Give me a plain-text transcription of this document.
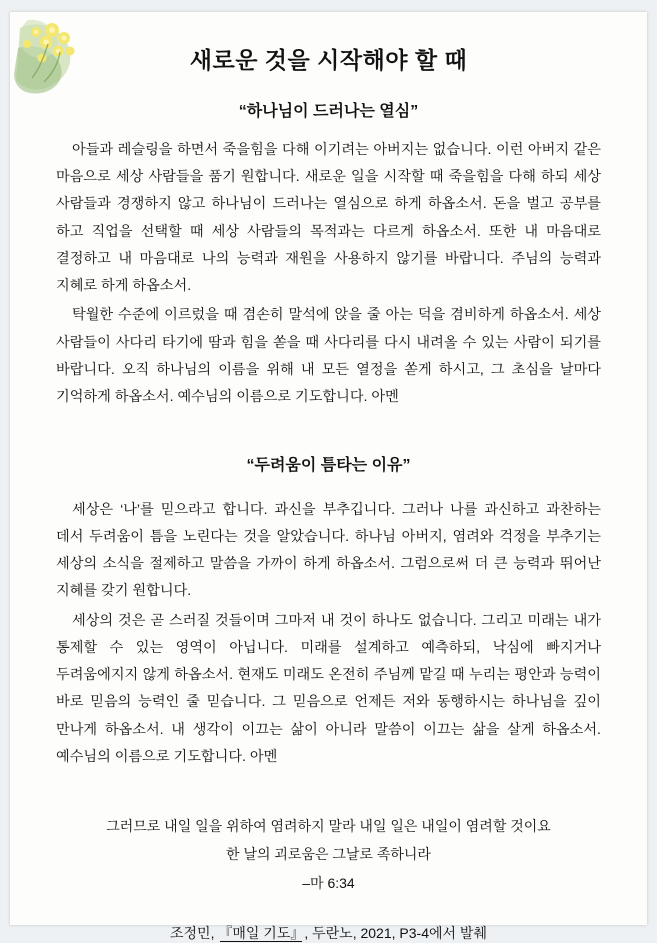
새로운 것을 시작해야 할 때
“하나님이 드러나는 열심”

아들과 레슬링을 하면서 죽을힘을 다해 이기려는 아버지는 없습니다. 이런 아버지 같은 마음으로 세상 사람들을 품기 원합니다. 새로운 일을 시작할 때 죽을힘을 다해 하되 세상 사람들과 경쟁하지 않고 하나님이 드러나는 열심으로 하게 하옵소서. 돈을 벌고 공부를 하고 직업을 선택할 때 세상 사람들의 목적과는 다르게 하옵소서. 또한 내 마음대로 결정하고 내 마음대로 나의 능력과 재원을 사용하지 않기를 바랍니다. 주님의 능력과 지혜로 하게 하옵소서.

탁월한 수준에 이르렀을 때 겸손히 말석에 앉을 줄 아는 덕을 겸비하게 하옵소서. 세상 사람들이 사다리 타기에 땀과 힘을 쏟을 때 사다리를 다시 내려올 수 있는 사람이 되기를 바랍니다. 오직 하나님의 이름을 위해 내 모든 열정을 쏟게 하시고, 그 초심을 날마다 기억하게 하옵소서. 예수님의 이름으로 기도합니다. 아멘

“두려움이 틈타는 이유”

세상은 ‘나’를 믿으라고 합니다. 과신을 부추깁니다. 그러나 나를 과신하고 과찬하는 데서 두려움이 틈을 노린다는 것을 알았습니다. 하나님 아버지, 염려와 걱정을 부추기는 세상의 소식을 절제하고 말씀을 가까이 하게 하옵소서. 그럼으로써 더 큰 능력과 뛰어난 지혜를 갖기 원합니다.

세상의 것은 곧 스러질 것들이며 그마저 내 것이 하나도 없습니다. 그리고 미래는 내가 통제할 수 있는 영역이 아닙니다. 미래를 설계하고 예측하되, 낙심에 빠지거나 두려움에지지 않게 하옵소서. 현재도 미래도 온전히 주님께 맡길 때 누리는 평안과 능력이 바로 믿음의 능력인 줄 믿습니다. 그 믿음으로 언제든 저와 동행하시는 하나님을 깊이 만나게 하옵소서. 내 생각이 이끄는 삶이 아니라 말씀이 이끄는 삶을 살게 하옵소서. 예수님의 이름으로 기도합니다. 아멘

그러므로 내일 일을 위하여 염려하지 말라 내일 일은 내일이 염려할 것이요
한 날의 괴로움은 그날로 족하니라
–마 6:34
조정민, 『매일 기도』, 두란노, 2021, P3-4에서 발췌
